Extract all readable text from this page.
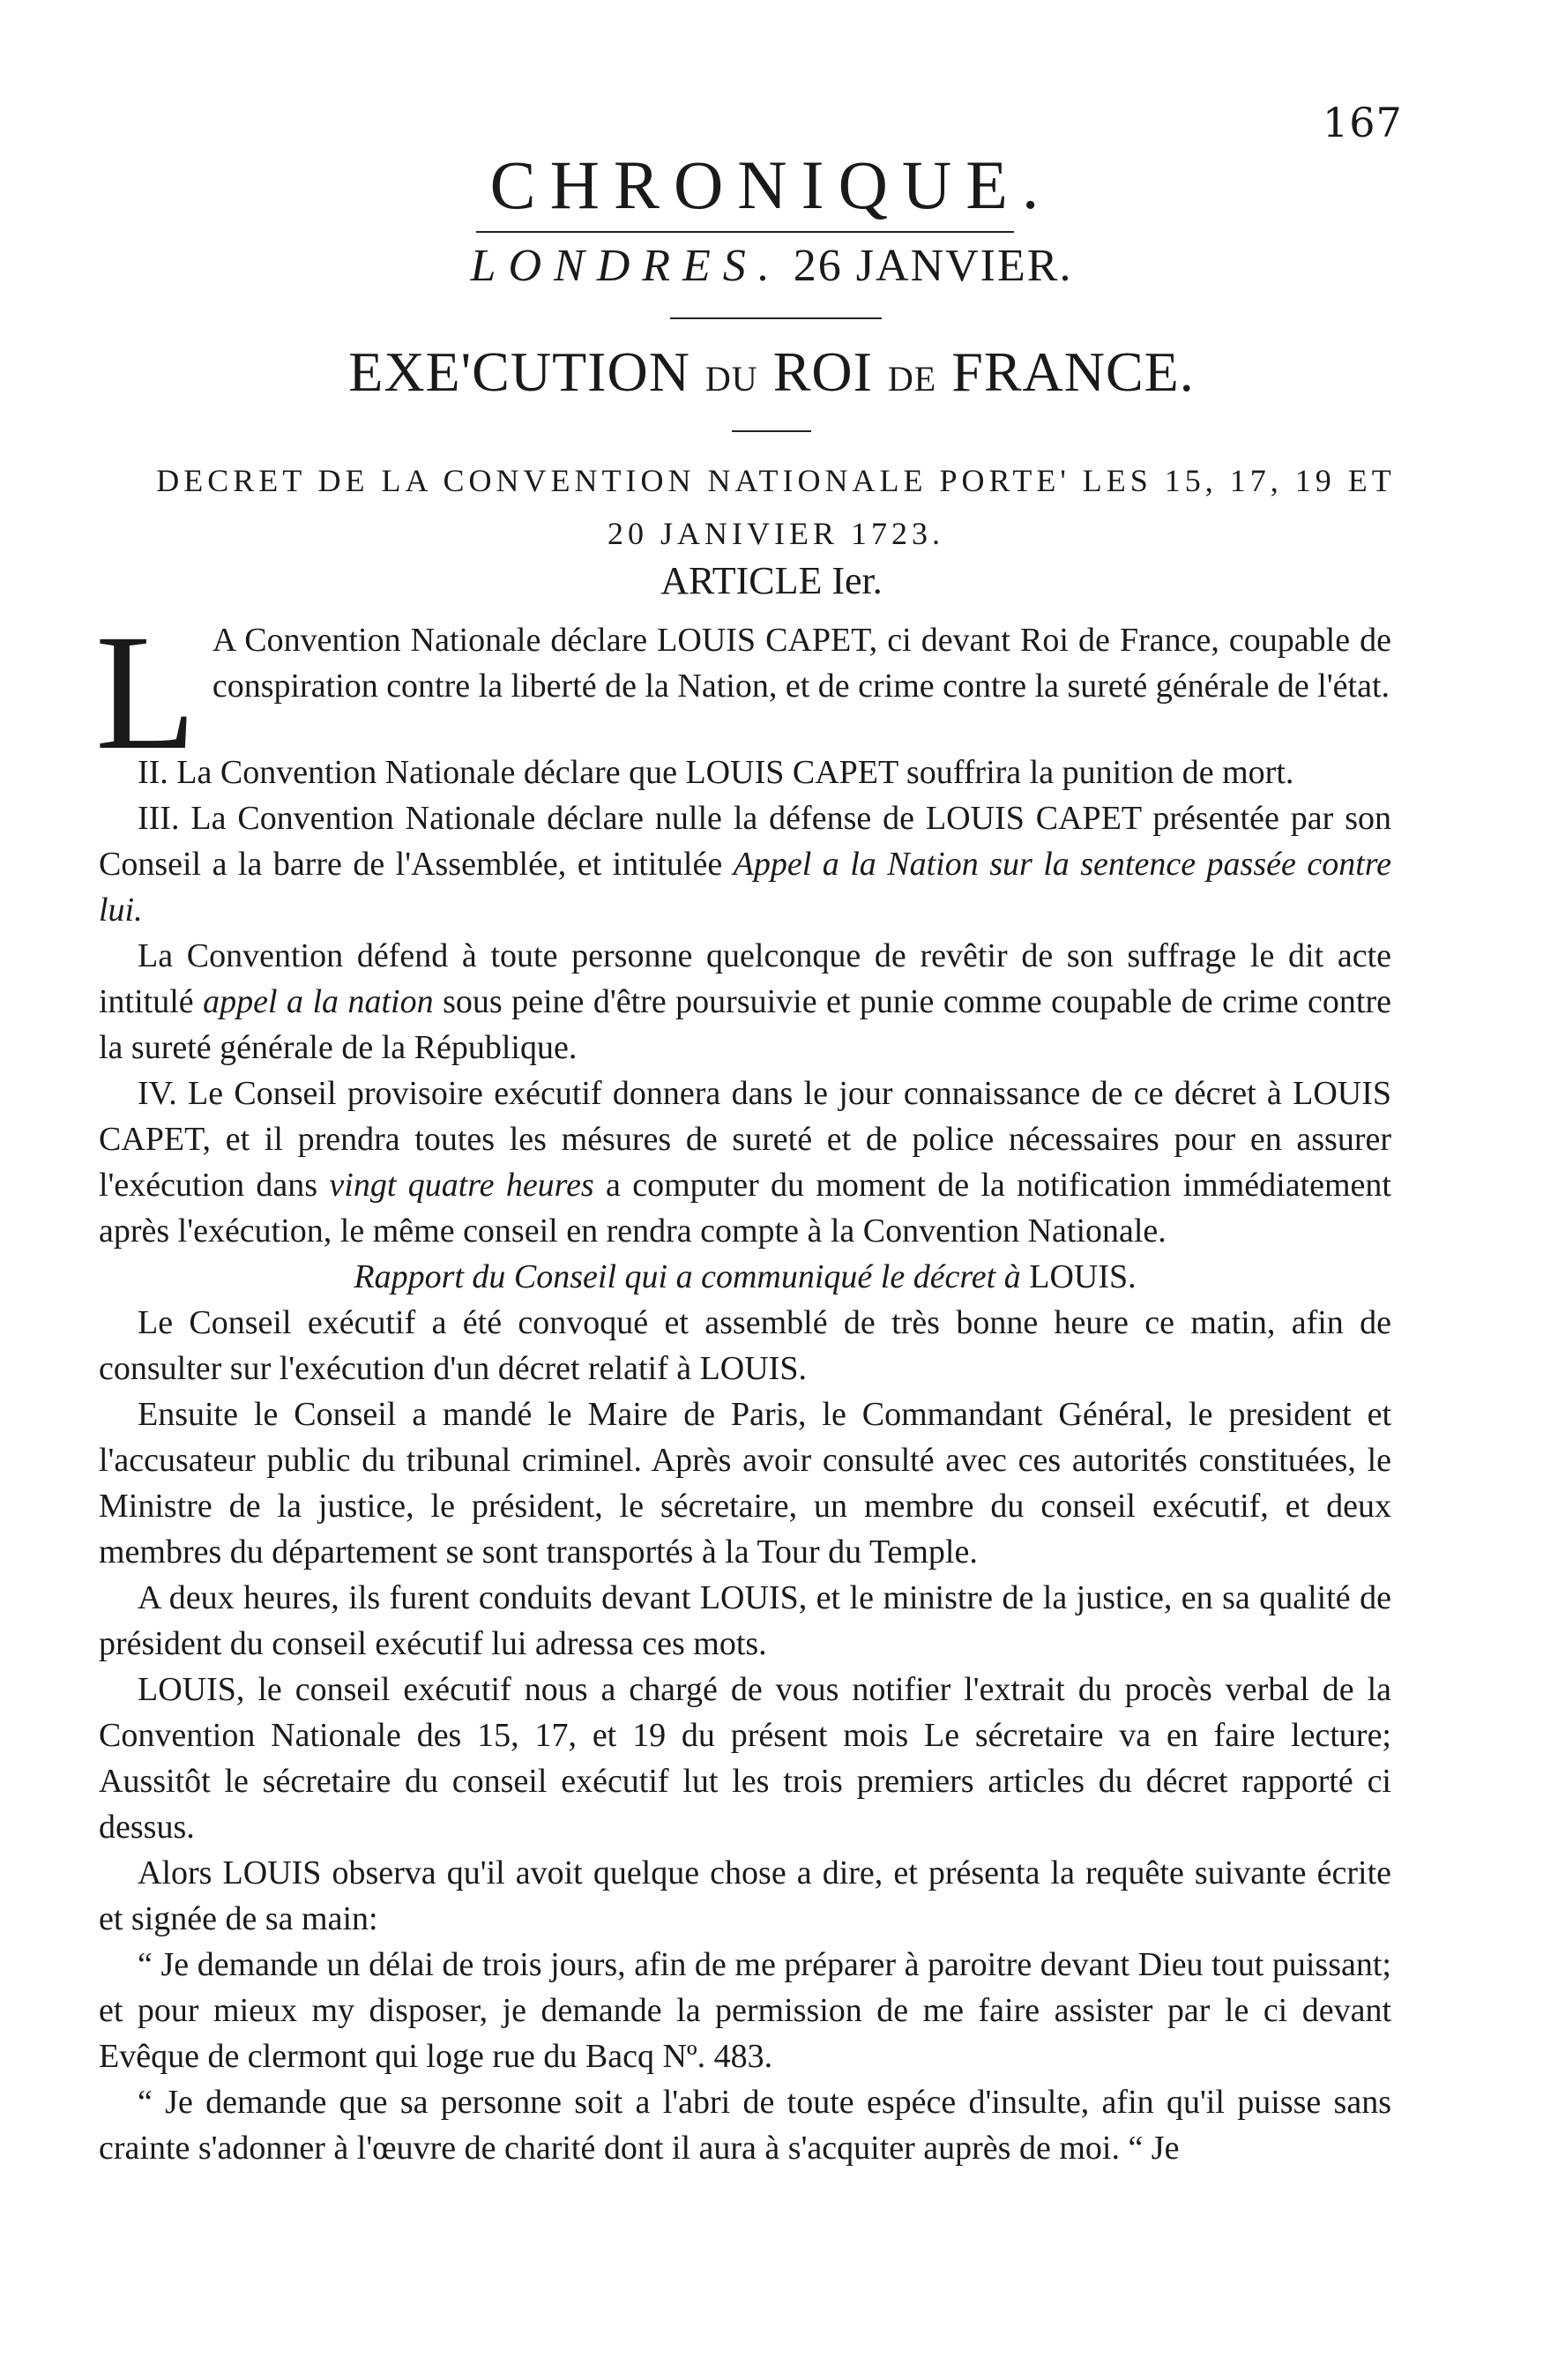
167
CHRONIQUE.
LONDRES. 26 JANVIER.
EXE'CUTION DU ROI DE FRANCE.
DECRET DE LA CONVENTION NATIONALE PORTE' LES 15, 17, 19 ET
20 JANIVIER 1723.
ARTICLE Ier.

L A Convention Nationale déclare LOUIS CAPET, ci devant Roi de France, coupable de conspiration contre la liberté de la Nation, et de crime contre la sureté générale de l'état.

II. La Convention Nationale déclare que LOUIS CAPET souffrira la punition de mort.

III. La Convention Nationale déclare nulle la défense de LOUIS CAPET présentée par son Conseil a la barre de l'Assemblée, et intitulée Appel a la Nation sur la sentence passée contre lui.

La Convention défend à toute personne quelconque de revêtir de son suffrage le dit acte intitulé appel a la nation sous peine d'être poursuivie et punie comme coupable de crime contre la sureté générale de la République.

IV. Le Conseil provisoire exécutif donnera dans le jour connaissance de ce décret à LOUIS CAPET, et il prendra toutes les mésures de sureté et de police nécessaires pour en assurer l'exécution dans vingt quatre heures a computer du moment de la notification immédiatement après l'exécution, le même conseil en rendra compte à la Convention Nationale.

Rapport du Conseil qui a communiqué le décret à LOUIS.

Le Conseil exécutif a été convoqué et assemblé de très bonne heure ce matin, afin de consulter sur l'exécution d'un décret relatif à LOUIS.

Ensuite le Conseil a mandé le Maire de Paris, le Commandant Général, le president et l'accusateur public du tribunal criminel. Après avoir consulté avec ces autorités constituées, le Ministre de la justice, le président, le sécretaire, un membre du conseil exécutif, et deux membres du département se sont transportés à la Tour du Temple.

A deux heures, ils furent conduits devant LOUIS, et le ministre de la justice, en sa qualité de président du conseil exécutif lui adressa ces mots.

LOUIS, le conseil exécutif nous a chargé de vous notifier l'extrait du procès verbal de la Convention Nationale des 15, 17, et 19 du présent mois Le sécretaire va en faire lecture; Aussitôt le sécretaire du conseil exécutif lut les trois premiers articles du décret rapporté ci dessus.

Alors LOUIS observa qu'il avoit quelque chose a dire, et présenta la requête suivante écrite et signée de sa main:

“ Je demande un délai de trois jours, afin de me préparer à paroitre devant Dieu tout puissant; et pour mieux my disposer, je demande la permission de me faire assister par le ci devant Evêque de clermont qui loge rue du Bacq Nº. 483.

“ Je demande que sa personne soit a l'abri de toute espéce d'insulte, afin qu'il puisse sans crainte s'adonner à l'œuvre de charité dont il aura à s'acquiter auprès de moi. “ Je
